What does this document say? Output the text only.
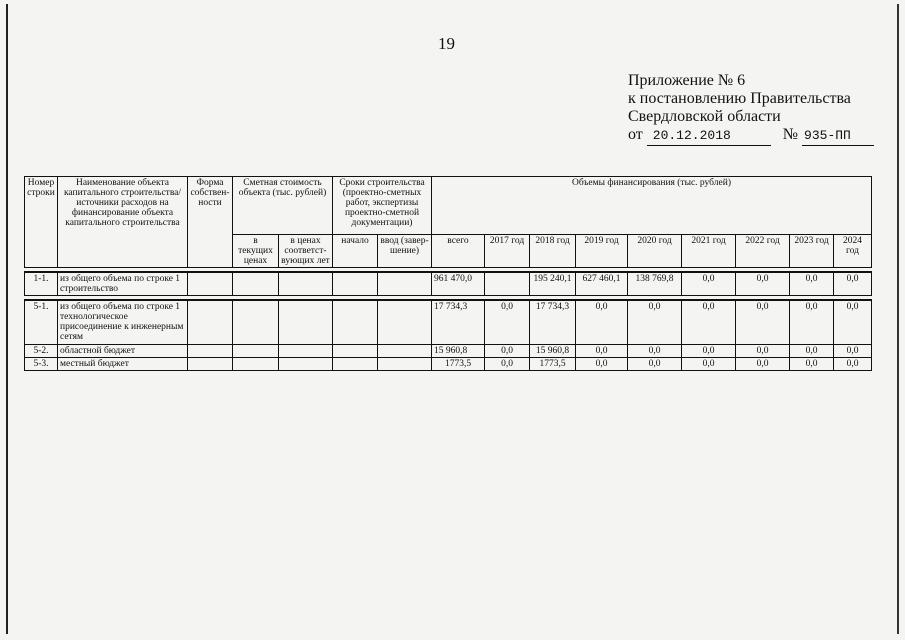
19
Приложение № 6
к постановлению Правительства
Свердловской области
от 20.12.2018	№ 935-ПП
Номер строки	Наименование объекта капитального строительства/ источники расходов на финансирование объекта капитального строительства	Форма собствен-ности	Сметная стоимость объекта (тыс. рублей)		Сроки строительства (проектно-сметных работ, экспертизы проектно-сметной документации)		Объемы финансирования (тыс. рублей)								
			в текущих ценах	в ценах соответст-вующих лет	начало	ввод (завер-шение)	всего	2017 год	2018 год	2019 год	2020 год	2021 год	2022 год	2023 год	2024 год

1-1.	из общего объема по строке 1 строительство						961 470,0		195 240,1	627 460,1	138 769,8	0,0	0,0	0,0	0,0

5-1.	из общего объема по строке 1 технологическое присоединение к инженерным сетям						17 734,3	0,0	17 734,3	0,0	0,0	0,0	0,0	0,0	0,0
5-2.	областной бюджет						15 960,8	0,0	15 960,8	0,0	0,0	0,0	0,0	0,0	0,0
5-3.	местный бюджет						1773,5	0,0	1773,5	0,0	0,0	0,0	0,0	0,0	0,0
